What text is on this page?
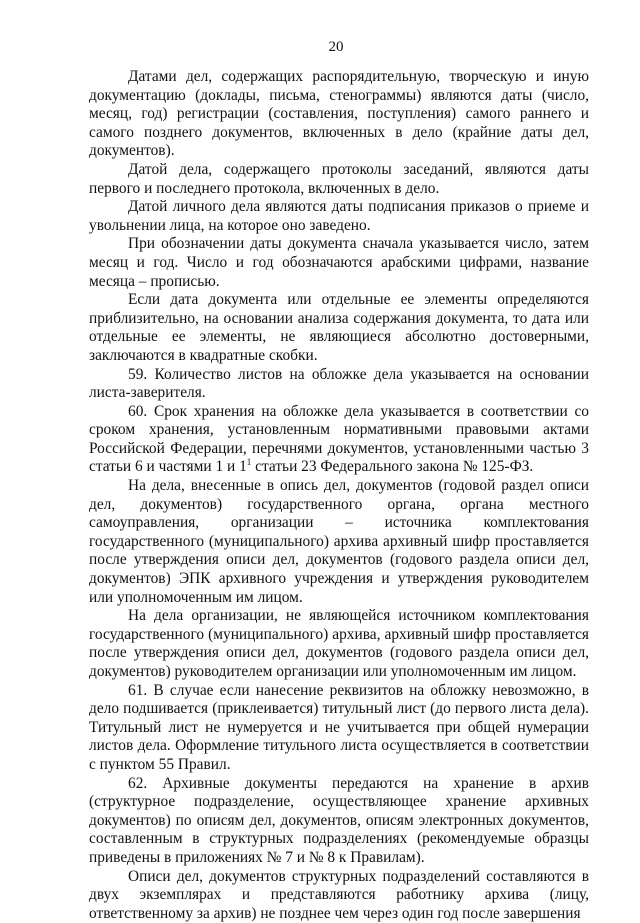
20

Датами дел, содержащих распорядительную, творческую и иную документацию (доклады, письма, стенограммы) являются даты (число, месяц, год) регистрации (составления, поступления) самого раннего и самого позднего документов, включенных в дело (крайние даты дел, документов).

Датой дела, содержащего протоколы заседаний, являются даты первого и последнего протокола, включенных в дело.

Датой личного дела являются даты подписания приказов о приеме и увольнении лица, на которое оно заведено.

При обозначении даты документа сначала указывается число, затем месяц и год. Число и год обозначаются арабскими цифрами, название месяца – прописью.

Если дата документа или отдельные ее элементы определяются приблизительно, на основании анализа содержания документа, то дата или отдельные ее элементы, не являющиеся абсолютно достоверными, заключаются в квадратные скобки.

59. Количество листов на обложке дела указывается на основании листа-заверителя.

60. Срок хранения на обложке дела указывается в соответствии со сроком хранения, установленным нормативными правовыми актами Российской Федерации, перечнями документов, установленными частью 3 статьи 6 и частями 1 и $1^1$ статьи 23 Федерального закона № 125-ФЗ.

На дела, внесенные в опись дел, документов (годовой раздел описи дел, документов) государственного органа, органа местного самоуправления, организации – источника комплектования государственного (муниципального) архива архивный шифр проставляется после утверждения описи дел, документов (годового раздела описи дел, документов) ЭПК архивного учреждения и утверждения руководителем или уполномоченным им лицом.

На дела организации, не являющейся источником комплектования государственного (муниципального) архива, архивный шифр проставляется после утверждения описи дел, документов (годового раздела описи дел, документов) руководителем организации или уполномоченным им лицом.

61. В случае если нанесение реквизитов на обложку невозможно, в дело подшивается (приклеивается) титульный лист (до первого листа дела). Титульный лист не нумеруется и не учитывается при общей нумерации листов дела. Оформление титульного листа осуществляется в соответствии с пунктом 55 Правил.

62. Архивные документы передаются на хранение в архив (структурное подразделение, осуществляющее хранение архивных документов) по описям дел, документов, описям электронных документов, составленным в структурных подразделениях (рекомендуемые образцы приведены в приложениях № 7 и № 8 к Правилам).

Описи дел, документов структурных подразделений составляются в двух экземплярах и представляются работнику архива (лицу, ответственному за архив) не позднее чем через один год после завершения
